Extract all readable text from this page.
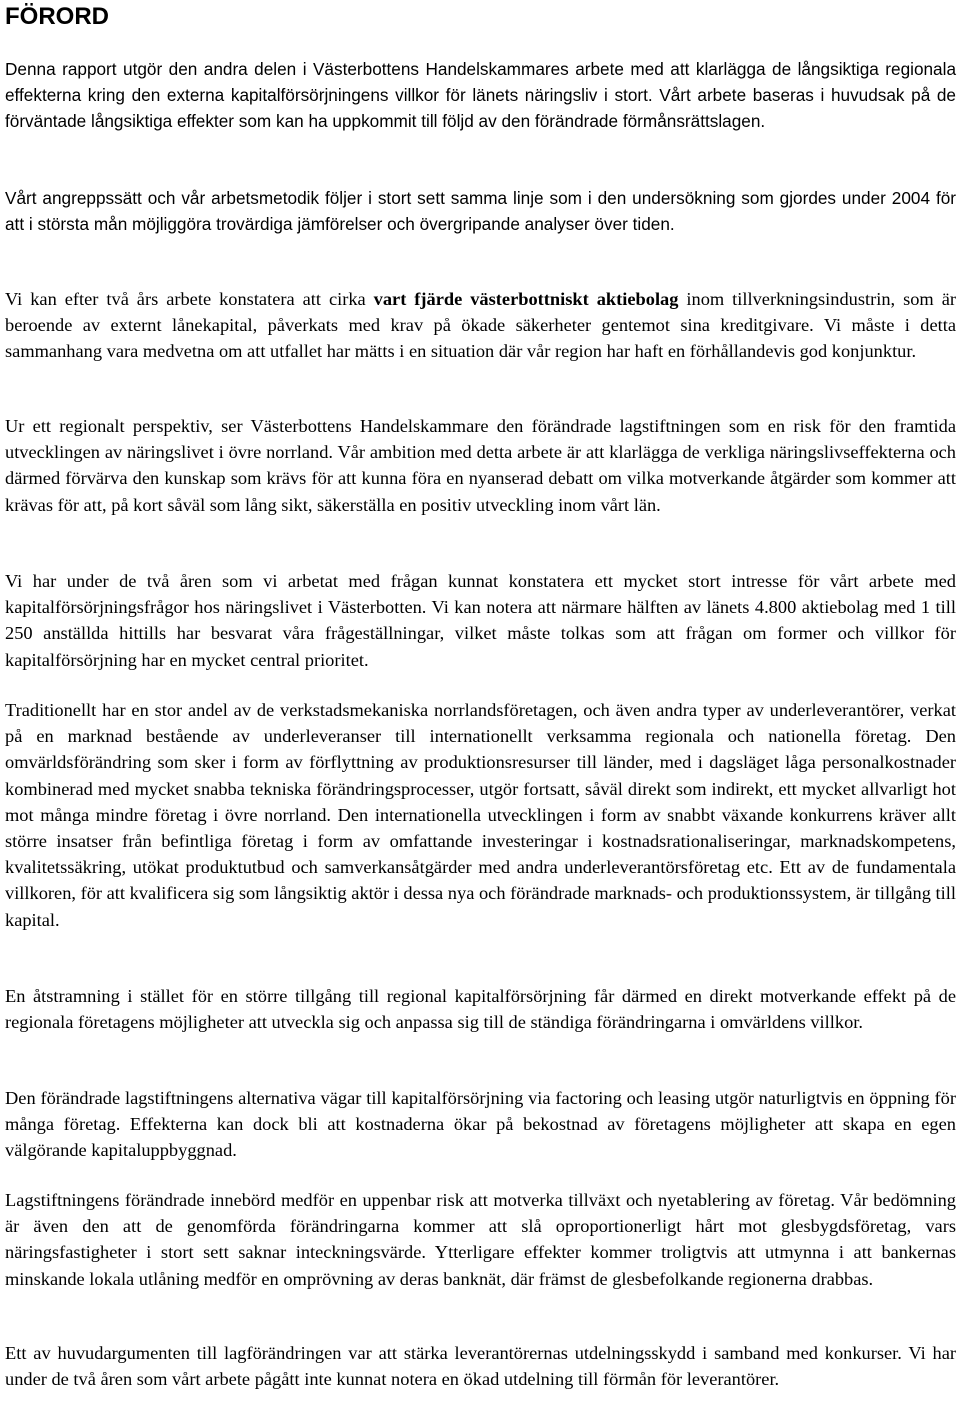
FÖRORD

Denna rapport utgör den andra delen i Västerbottens Handelskammares arbete med att klarlägga de långsiktiga regionala effekterna kring den externa kapitalförsörjningens villkor för länets näringsliv i stort. Vårt arbete baseras i huvudsak på de förväntade långsiktiga effekter som kan ha uppkommit till följd av den förändrade förmånsrättslagen.

Vårt angreppssätt och vår arbetsmetodik följer i stort sett samma linje som i den undersökning som gjordes under 2004 för att i största mån möjliggöra trovärdiga jämförelser och övergripande analyser över tiden.

Vi kan efter två års arbete konstatera att cirka vart fjärde västerbottniskt aktiebolag inom tillverkningsindustrin, som är beroende av externt lånekapital, påverkats med krav på ökade säkerheter gentemot sina kreditgivare. Vi måste i detta sammanhang vara medvetna om att utfallet har mätts i en situation där vår region har haft en förhållandevis god konjunktur.

Ur ett regionalt perspektiv, ser Västerbottens Handelskammare den förändrade lagstiftningen som en risk för den framtida utvecklingen av näringslivet i övre norrland. Vår ambition med detta arbete är att klarlägga de verkliga näringslivseffekterna och därmed förvärva den kunskap som krävs för att kunna föra en nyanserad debatt om vilka motverkande åtgärder som kommer att krävas för att, på kort såväl som lång sikt, säkerställa en positiv utveckling inom vårt län.

Vi har under de två åren som vi arbetat med frågan kunnat konstatera ett mycket stort intresse för vårt arbete med kapitalförsörjningsfrågor hos näringslivet i Västerbotten. Vi kan notera att närmare hälften av länets 4.800 aktiebolag med 1 till 250 anställda hittills har besvarat våra frågeställningar, vilket måste tolkas som att frågan om former och villkor för kapitalförsörjning har en mycket central prioritet.

Traditionellt har en stor andel av de verkstadsmekaniska norrlandsföretagen, och även andra typer av underleverantörer, verkat på en marknad bestående av underleveranser till internationellt verksamma regionala och nationella företag. Den omvärldsförändring som sker i form av förflyttning av produktionsresurser till länder, med i dagsläget låga personalkostnader kombinerad med mycket snabba tekniska förändringsprocesser, utgör fortsatt, såväl direkt som indirekt, ett mycket allvarligt hot mot många mindre företag i övre norrland. Den internationella utvecklingen i form av snabbt växande konkurrens kräver allt större insatser från befintliga företag i form av omfattande investeringar i kostnadsrationaliseringar, marknadskompetens, kvalitetssäkring, utökat produktutbud och samverkansåtgärder med andra underleverantörsföretag etc. Ett av de fundamentala villkoren, för att kvalificera sig som långsiktig aktör i dessa nya och förändrade marknads- och produktionssystem, är tillgång till kapital.

En åtstramning i stället för en större tillgång till regional kapitalförsörjning får därmed en direkt motverkande effekt på de regionala företagens möjligheter att utveckla sig och anpassa sig till de ständiga förändringarna i omvärldens villkor.

Den förändrade lagstiftningens alternativa vägar till kapitalförsörjning via factoring och leasing utgör naturligtvis en öppning för många företag. Effekterna kan dock bli att kostnaderna ökar på bekostnad av företagens möjligheter att skapa en egen välgörande kapitaluppbyggnad.

Lagstiftningens förändrade innebörd medför en uppenbar risk att motverka tillväxt och nyetablering av företag. Vår bedömning är även den att de genomförda förändringarna kommer att slå oproportionerligt hårt mot glesbygdsföretag, vars näringsfastigheter i stort sett saknar inteckningsvärde. Ytterligare effekter kommer troligtvis att utmynna i att bankernas minskande lokala utlåning medför en omprövning av deras banknät, där främst de glesbefolkande regionerna drabbas.

Ett av huvudargumenten till lagförändringen var att stärka leverantörernas utdelningsskydd i samband med konkurser. Vi har under de två åren som vårt arbete pågått inte kunnat notera en ökad utdelning till förmån för leverantörer.
